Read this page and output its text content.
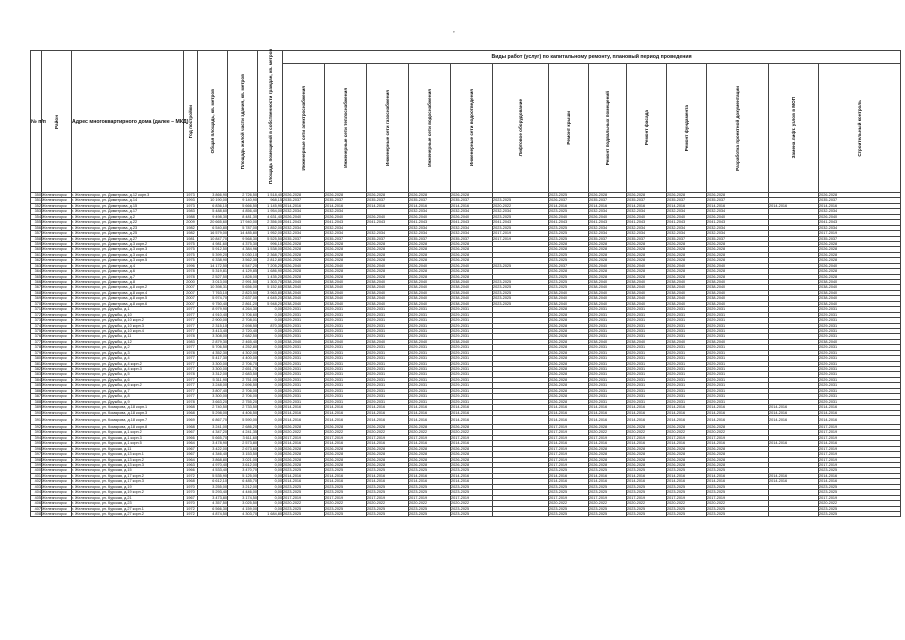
’
№ п/п	Район	Адрес многоквартирного дома (далее – МКД)	Год постройки	Общая площадь, кв. метров	Площадь жилой части здания, кв. метров	Площадь помещений в собственности граждан, кв. метров	Виды работ (услуг) по капитальному ремонту, плановый период проведения												

							Инженерные сети электроснабжения	Инженерные сети теплоснабжения	Инженерные сети газоснабжения	Инженерные сети водоснабжения	Инженерные сети водоотведения	Лифтовое оборудование	Ремонт крыши	Ремонт подвальных помещений	Ремонт фасада	Ремонт фундамента	Разработка проектной документации	Замена лифт. узлов в МОП	Строительный контроль

350	Железногорск	г. Железногорск, ул. Димитрова, д.12 корп.3	1973	3 866,90	2 726,50	1 518,40	2026-2028	2026-2028	2026-2028	2026-2028	2026-2028		2023-2025	2026-2028	2026-2028	2026-2028	2026-2028		2026-2028
351	Железногорск	г. Железногорск, ул. Димитрова, д.14	1993	10 190,00	9 140,90	968,15	2035-2037	2035-2037	2035-2037	2035-2037	2035-2037	2023-2025	2026-2037	2035-2037	2035-2037	2035-2037	2035-2037		2035-2037
352	Железногорск	г. Железногорск, ул. Димитрова, д.15	1973	6 836,10	5 666,50	1 145,90	2014-2016	2014-2016	2014-2016	2014-2016	2014-2016	2020-2022	2014-2016	2014-2016	2014-2016	2014-2016	2014-2016	2014-2016	2014-2016
353	Железногорск	г. Железногорск, ул. Димитрова, д.17	1983	5 488,60	4 856,40	1 954,00	2032-2034	2032-2034		2032-2034	2032-2034	2032-2034	2023-2025	2032-2034	2032-2034	2032-2034	2032-2034		2032-2034
354	Железногорск	г. Железногорск, ул. Димитрова, д.2	1988	9 498,30	8 481,30	4 631,40	2026-2040	2026-2040	2026-2040	2026-2040	2026-2040	2023-2025	2026-2040	2026-2040	2026-2040	2026-2040	2026-2040		2026-2040
355	Железногорск	г. Железногорск, ул. Димитрова, д.22	2009	20 665,60	17 940,00	2 356,00	2041-2043	2041-2043	2041-2043	2041-2043	2041-2043	2041-2043	2041-2043	2041-2043	2041-2043	2041-2043	2041-2043		2041-2043
356	Железногорск	г. Железногорск, ул. Димитрова, д.23	1982	6 540,80	5 787,00	1 852,00	2032-2034	2032-2034		2032-2034	2032-2034	2023-2025	2023-2025	2032-2034	2032-2034	2032-2034	2032-2034		2032-2034
357	Железногорск	г. Железногорск, ул. Димитрова, д.25	1982	16 579,00	14 485,80	1 952,00	2032-2034	2032-2034	2032-2034	2032-2034	2032-2034	2017-2019	2023-2025	2032-2034	2032-2034	2032-2034	2032-2034		2017-2019
358	Железногорск	г. Железногорск, ул. Димитрова, д.27	1981	10 847,70	9 568,30	5 525,50	2035-2037	2035-2037	2035-2037	2035-2037	2035-2037	2017-2019	2023-2025	2035-2037	2035-2037	2035-2037	2035-2037		2035-2037
359	Железногорск	г. Железногорск, ул. Димитрова, д.3 корп.2	1975	4 981,60	4 375,30	996,10	2026-2028	2026-2028	2026-2028	2026-2028	2026-2028		2026-2028	2026-2028	2026-2028	2026-2028	2026-2028		2026-2028
360	Железногорск	г. Железногорск, ул. Димитрова, д.3 корп.3	1975	5 912,50	4 384,96	1 538,00	2026-2028	2026-2028	2026-2028	2026-2028	2026-2028		2026-2028	2026-2028	2026-2028	2026-2028	2026-2028		2026-2028
361	Железногорск	г. Железногорск, ул. Димитрова, д.3 корп.4	1975	5 399,20	5 030,10	2 368,70	2026-2028	2026-2028	2026-2028	2026-2028	2026-2028		2023-2025	2026-2028	2026-2028	2026-2028	2026-2028		2026-2028
362	Железногорск	г. Железногорск, ул. Димитрова, д.3 корп.5	1975	6 338,90	3 562,30	2 812,80	2026-2028	2026-2028	2026-2028	2026-2028	2026-2028		2023-2025	2026-2028	2026-2028	2026-2028	2026-2028		2026-2028
363	Железногорск	г. Железногорск, ул. Димитрова, д.4	1996	14 172,50	6 547,20	7 205,20	2026-2040	2026-2040	2026-2040	2026-2040	2026-2040	2023-2025	2026-2037	2026-2040	2026-2040	2026-2040	2026-2040		2026-2040
364	Железногорск	г. Железногорск, ул. Димитрова, д.6	1978	5 319,81	4 129,85	1 686,90	2026-2028	2026-2028	2026-2028	2026-2028	2026-2028		2026-2028	2026-2028	2026-2028	2026-2028	2026-2028		2026-2028
365	Железногорск	г. Железногорск, ул. Димитрова, д.7	1978	2 527,50	1 828,00	1 435,20	2026-2028	2026-2028	2026-2028	2026-2028	2026-2028		2023-2025	2026-2028	2026-2028	2026-2028	2026-2028		2026-2028
366	Железногорск	г. Железногорск, ул. Димитрова, д.8	2000	3 013,00	2 991,50	1 303,70	2038-2040	2038-2040	2038-2040	2038-2040	2038-2040	2023-2025	2023-2025	2038-2040	2038-2040	2038-2040	2038-2040		2038-2040
367	Железногорск	г. Железногорск, ул. Димитрова, д.8 корп.2	2007	10 398,31	5 656,00	5 152,60	2038-2040	2038-2040	2038-2040	2038-2040	2038-2040	2023-2025	2023-2025	2038-2040	2038-2040	2038-2040	2038-2040		2038-2040
368	Железногорск	г. Железногорск, ул. Димитрова, д.8 корп.4	2007	7 763,10	2 823,50	3 963,80	2038-2040	2038-2040	2038-2040	2038-2040	2038-2040	2023-2025	2038-2040	2038-2040	2038-2040	2038-2040	2038-2040		2038-2040
369	Железногорск	г. Железногорск, ул. Димитрова, д.8 корп.5	2007	5 974,70	2 637,00	4 645,20	2038-2040	2038-2040	2038-2040	2038-2040	2038-2040	2023-2025	2038-2040	2038-2040	2038-2040	2038-2040	2038-2040		2038-2040
370	Железногорск	г. Железногорск, ул. Димитрова, д.8 корп.6	2007	9 750,40	2 861,20	5 948,20	2038-2040	2038-2040	2038-2040	2038-2040	2038-2040	2023-2025	2038-2040	2038-2040	2038-2040	2038-2040	2038-2040		2038-2040
371	Железногорск	г. Железногорск, ул. Дружбы, д.1	1977	8 979,90	4 264,30	0,00	2029-2031	2029-2031	2029-2031	2029-2031	2029-2031		2026-2028	2029-2031	2029-2031	2029-2031	2029-2031		2029-2031
372	Железногорск	г. Железногорск, ул. Дружбы, д.10	1977	4 910,40	3 706,60	0,00	2029-2031	2029-2031	2029-2031	2029-2031	2029-2031		2026-2028	2029-2031	2029-2031	2029-2031	2029-2031		2029-2031
373	Железногорск	г. Железногорск, ул. Дружбы, д.10 корп.2	1977	2 900,00	2 708,01	0,00	2029-2031	2029-2031	2029-2031	2029-2031	2029-2031		2026-2028	2029-2031	2029-2031	2029-2031	2029-2031		2029-2031
374	Железногорск	г. Железногорск, ул. Дружбы, д.10 корп.3	1977	2 315,10	2 698,50	870,30	2029-2031	2029-2031	2029-2031	2029-2031	2029-2031		2026-2028	2029-2031	2029-2031	2029-2031	2029-2031		2029-2031
375	Железногорск	г. Железногорск, ул. Дружбы, д.10 корп.4	1977	3 413,40	2 720,40	0,00	2029-2031	2029-2031	2029-2031	2029-2031	2029-2031		2026-2028	2029-2031	2029-2031	2029-2031	2029-2031		2029-2031
376	Железногорск	г. Железногорск, ул. Дружбы, д.11	1978	3 308,00	2 682,50	0,00	2029-2031	2029-2031	2029-2031	2029-2031	2029-2031		2026-2028	2029-2031	2029-2031	2029-2031	2029-2031		2029-2031
377	Железногорск	г. Железногорск, ул. Дружбы, д.12	1983	2 879,30	2 465,40	0,00	2038-2040	2038-2040	2038-2040	2038-2040	2038-2040		2026-2028	2038-2040	2038-2040	2038-2040	2038-2040		2038-2040
378	Железногорск	г. Железногорск, ул. Дружбы, д.2	1977	5 706,50	4 252,80	0,00	2029-2031	2029-2031	2029-2031	2029-2031	2029-2031		2026-2028	2029-2031	2029-2031	2029-2031	2029-2031		2029-2031
379	Железногорск	г. Железногорск, ул. Дружбы, д.3	1978	4 352,30	4 302,00	0,00	2029-2031	2029-2031	2029-2031	2029-2031	2029-2031		2026-2028	2029-2031	2029-2031	2029-2031	2029-2031		2029-2031
380	Железногорск	г. Железногорск, ул. Дружбы, д.4	1977	5 417,30	4 400,00	0,00	2029-2031	2029-2031	2029-2031	2029-2031	2029-2031		2026-2028	2029-2031	2029-2031	2029-2031	2029-2031		2029-2031
381	Железногорск	г. Железногорск, ул. Дружбы, д.4 корп.2	1977	3 300,00	2 706,70	0,00	2029-2031	2029-2031	2029-2031	2029-2031	2029-2031		2026-2028	2029-2031	2029-2031	2029-2031	2029-2031		2029-2031
382	Железногорск	г. Железногорск, ул. Дружбы, д.4 корп.3	1977	3 300,00	2 651,70	0,00	2029-2031	2029-2031	2029-2031	2029-2031	2029-2031		2026-2028	2029-2031	2029-2031	2029-2031	2029-2031		2029-2031
383	Железногорск	г. Железногорск, ул. Дружбы, д.5	1978	3 312,00	2 683,50	0,00	2029-2031	2029-2031	2029-2031	2029-2031	2029-2031		2026-2028	2029-2031	2029-2031	2029-2031	2029-2031		2029-2031
384	Железногорск	г. Железногорск, ул. Дружбы, д.6	1977	5 311,90	2 751,00	0,00	2029-2031	2029-2031	2029-2031	2029-2031	2029-2031		2026-2028	2029-2031	2029-2031	2029-2031	2029-2031		2029-2031
385	Железногорск	г. Железногорск, ул. Дружбы, д.6 корп.2	1977	3 248,00	2 696,50	0,00	2029-2031	2029-2031	2029-2031	2029-2031	2029-2031		2026-2028	2029-2031	2029-2031	2029-2031	2029-2031		2029-2031
386	Железногорск	г. Железногорск, ул. Дружбы, д.7	1977	3 807,40	2 706,00	0,00	2029-2031	2029-2031	2029-2031	2029-2031	2029-2031		2026-2028	2029-2031	2029-2031	2029-2031	2029-2031		2029-2031
387	Железногорск	г. Железногорск, ул. Дружбы, д.8	1977	3 300,00	2 706,00	0,00	2029-2031	2029-2031	2029-2031	2029-2031	2029-2031		2026-2028	2029-2031	2029-2031	2029-2031	2029-2031		2029-2031
388	Железногорск	г. Железногорск, ул. Дружбы, д.9	1978	3 663,20	2 755,20	0,00	2029-2031	2029-2031	2029-2031	2029-2031	2029-2031		2026-2028	2029-2031	2029-2031	2029-2031	2029-2031		2029-2031
389	Железногорск	г. Железногорск, ул. Комарова, д.18 корп.1	1968	2 740,50	2 733,50	0,00	2014-2016	2014-2016	2014-2016	2014-2016	2014-2016		2014-2016	2014-2016	2014-2016	2014-2016	2014-2016	2014-2016	2014-2016
390	Железногорск	г. Железногорск, ул. Комарова, д.18 корп.3	1968	5 298,00	4 406,50	0,00	2014-2016	2014-2016	2014-2016	2014-2016	2014-2016		2014-2016	2014-2016	2014-2016	2014-2016	2014-2016	2014-2016	2014-2016
391	Железногорск	г. Железногорск, ул. Комарова, д.18 корп.7	1969	6 867,70	5 590,00	0,00	2014-2016	2014-2016	2014-2016	2014-2016	2014-2016		2014-2016	2014-2016	2014-2016	2014-2016	2014-2016	2014-2016	2014-2016
392	Железногорск	г. Железногорск, ул. Комарова, д.18 корп.8	1968	3 241,00	2 686,20	0,00	2026-2028	2026-2028	2026-2028	2026-2028	2026-2028		2017-2019	2026-2028	2026-2028	2026-2028	2026-2028		2017-2019
393	Железногорск	г. Железногорск, ул. Курская, д.1 корп.2	1967	4 347,20	4 241,35	0,00	2020-2022	2020-2022	2020-2022	2020-2022	2020-2022		2017-2019	2020-2022	2020-2022	2020-2022	2020-2022		2017-2019
394	Железногорск	г. Железногорск, ул. Курская, д.1 корп.3	1966	5 665,70	3 611,60	0,00	2017-2019	2017-2019	2017-2019	2017-2019	2017-2019		2017-2019	2017-2019	2017-2019	2017-2019	2017-2019		2017-2019
395	Железногорск	г. Железногорск, ул. Курская, д.1 корп.5	1964	3 478,90	2 573,80	0,00	2014-2016	2014-2016	2014-2016	2014-2016	2014-2016		2014-2016	2014-2016	2014-2016	2014-2016	2014-2016	2014-2016	2014-2016
396	Железногорск	г. Железногорск, ул. Курская, д.11	1967	3 422,00	2 673,60	0,00	2026-2028	2026-2028	2026-2028	2026-2028	2026-2028		2017-2019	2026-2028	2026-2028	2026-2028	2026-2028		2017-2019
397	Железногорск	г. Железногорск, ул. Курская, д.13 корп.1	1967	4 346,40	3 153,50	0,00	2026-2028	2026-2028	2026-2028	2026-2028	2026-2028		2017-2019	2026-2028	2026-2028	2026-2028	2026-2028		2017-2019
398	Железногорск	г. Железногорск, ул. Курская, д.13 корп.2	1964	3 868,80	3 021,00	0,00	2026-2028	2026-2028	2026-2028	2026-2028	2026-2028		2017-2019	2026-2028	2026-2028	2026-2028	2026-2028		2017-2019
399	Железногорск	г. Железногорск, ул. Курская, д.13 корп.3	1963	4 970,40	3 612,00	0,00	2026-2028	2026-2028	2026-2028	2026-2028	2026-2028		2017-2019	2026-2028	2026-2028	2026-2028	2026-2028		2017-2019
400	Железногорск	г. Железногорск, ул. Курская, д.15	1966	4 533,40	3 470,70	0,00	2023-2025	2023-2025	2023-2025	2023-2025	2023-2025		2023-2025	2023-2025	2023-2025	2023-2025	2023-2025		2023-2025
401	Железногорск	г. Железногорск, ул. Курская, д.17 корп.2	1972	5 535,90	5 125,00	0,00	2014-2016	2014-2016	2014-2016	2014-2016	2014-2016		2014-2016	2014-2016	2014-2016	2014-2016	2014-2016	2014-2016	2014-2016
402	Железногорск	г. Железногорск, ул. Курская, д.17 корп.3	1968	6 612,10	6 485,70	0,00	2014-2016	2014-2016	2014-2016	2014-2016	2014-2016		2014-2016	2014-2016	2014-2016	2014-2016	2014-2016	2014-2016	2014-2016
403	Железногорск	г. Железногорск, ул. Курская, д.19	1970	3 255,00	3 212,00	0,00	2023-2025	2023-2025	2023-2025	2023-2025	2023-2025		2023-2025	2023-2025	2023-2025	2023-2025	2023-2025		2023-2025
404	Железногорск	г. Железногорск, ул. Курская, д.19 корп.2	1970	5 293,40	4 446,00	0,00	2023-2025	2023-2025	2023-2025	2023-2025	2023-2025		2023-2025	2023-2025	2023-2025	2023-2025	2023-2025		2023-2025
405	Железногорск	г. Железногорск, ул. Курская, д.21	1967	3 473,80	3 174,50	0,00	2017-2019	2017-2019	2017-2019	2017-2019	2017-2019		2017-2019	2017-2019	2017-2019	2017-2019	2017-2019		2017-2019
406	Железногорск	г. Железногорск, ул. Курская, д.23	1970	4 357,50	3 025,50	0,00	2020-2022	2020-2022	2020-2022	2020-2022	2020-2022		2020-2022	2020-2022	2020-2022	2020-2022	2020-2022		2020-2022
407	Железногорск	г. Железногорск, ул. Курская, д.27 корп.1	1972	6 566,30	4 159,00	0,00	2023-2025	2023-2025	2023-2025	2023-2025	2023-2025		2023-2025	2023-2025	2023-2025	2023-2025	2023-2025		2023-2025
408	Железногорск	г. Железногорск, ул. Курская, д.27 корп.2	1972	4 874,50	4 303,70	1 684,80	2023-2025	2023-2025	2023-2025	2023-2025	2023-2025		2023-2025	2023-2025	2023-2025	2023-2025	2023-2025		2023-2025
